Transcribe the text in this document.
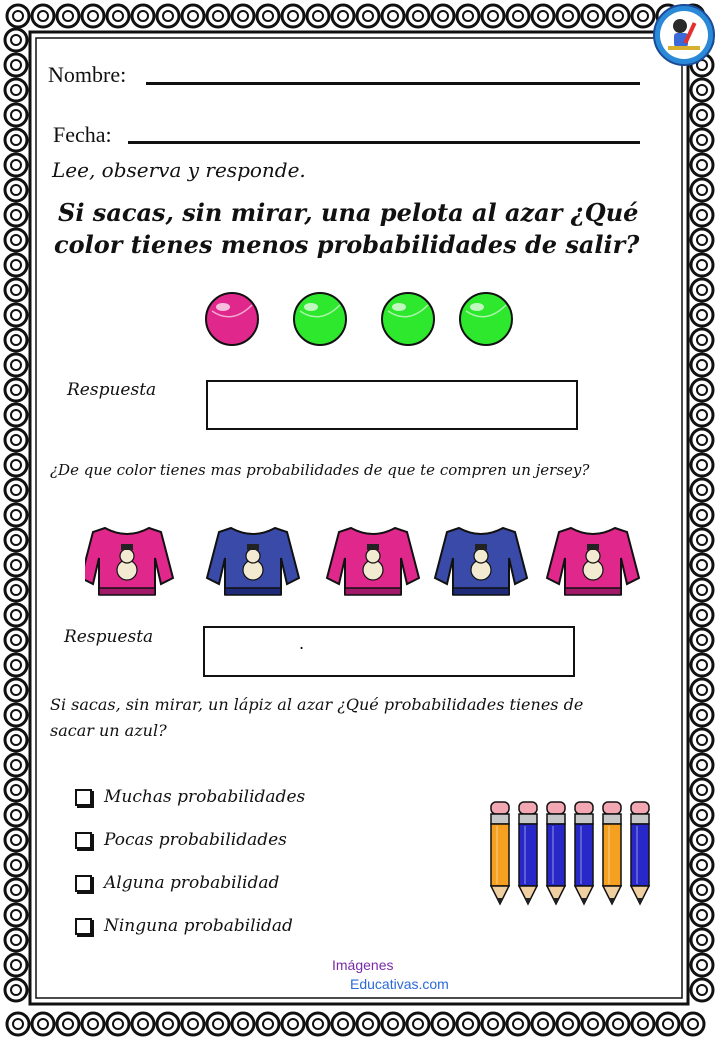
Nombre:
Fecha:
Lee, observa y responde.
Si sacas, sin mirar, una pelota al azar ¿Qué
color tienes menos probabilidades de salir?
Respuesta
¿De que color tienes mas probabilidades de que te compren un jersey?
Respuesta	.
Si sacas, sin mirar, un lápiz al azar ¿Qué probabilidades tienes de
sacar un azul?
Muchas probabilidades
Pocas probabilidades
Alguna probabilidad
Ninguna probabilidad
Imágenes
Educativas.com
